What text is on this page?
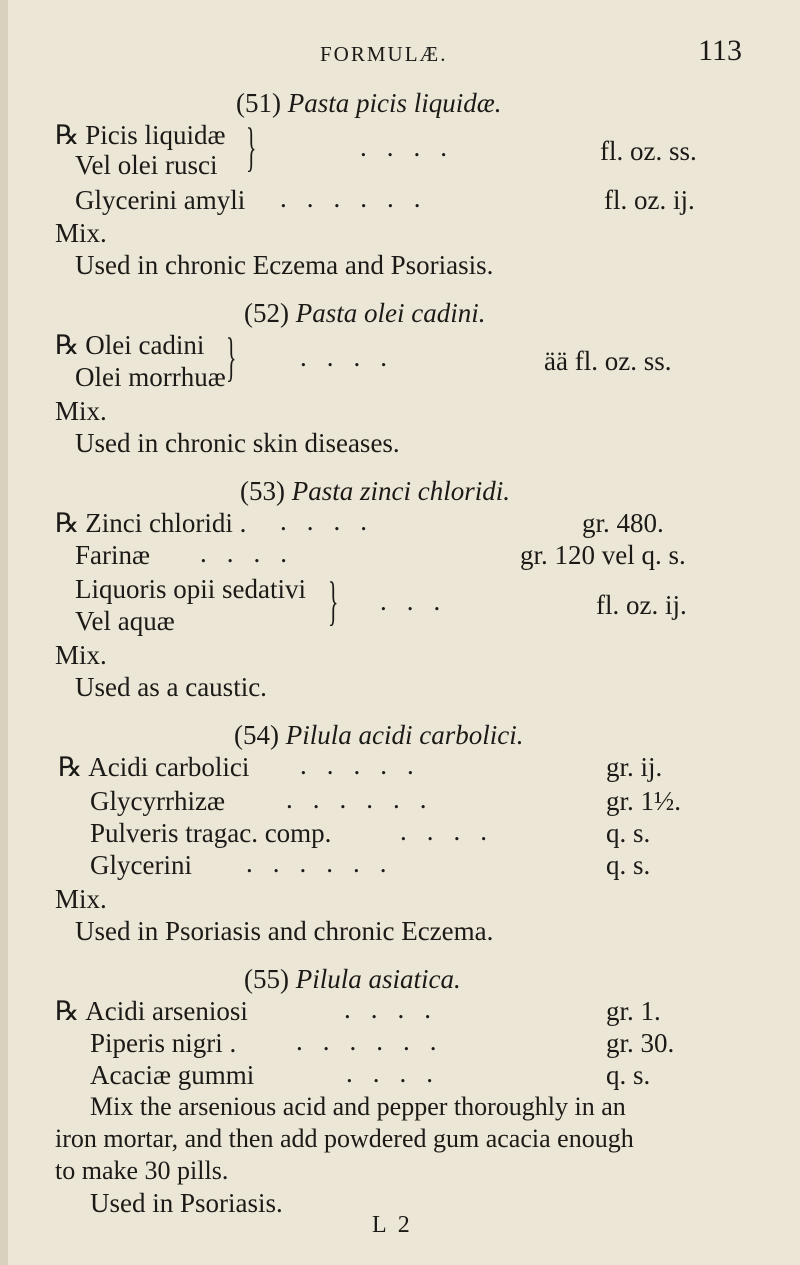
FORMULÆ.	113
(51) Pasta picis liquidæ.
℞ Picis liquidæ
Vel olei rusci }	....	fl. oz. ss.
Glycerini amyli ......	fl. oz. ij.
Mix.
Used in chronic Eczema and Psoriasis.
(52) Pasta olei cadini.
℞ Olei cadini
Olei morrhuæ } ....	ää fl. oz. ss.
Mix.
Used in chronic skin diseases.
(53) Pasta zinci chloridi.
℞ Zinci chloridi . ....	gr. 480.
Farinæ ....	gr. 120 vel q. s.
Liquoris opii sedativi
Vel aquæ	} ...	fl. oz. ij.
Mix.
Used as a caustic.
(54) Pilula acidi carbolici.
℞ Acidi carbolici .....	gr. ij.
Glycyrrhizæ ......	gr. 1½.
Pulveris tragac. comp.	....	q. s.
Glycerini ......	q. s.
Mix.
Used in Psoriasis and chronic Eczema.
(55) Pilula asiatica.
℞ Acidi arseniosi	....	gr. 1.
Piperis nigri . ......	gr. 30.
Acaciæ gummi	....	q. s.
Mix the arsenious acid and pepper thoroughly in an
iron mortar, and then add powdered gum acacia enough
to make 30 pills.
Used in Psoriasis.
L 2
